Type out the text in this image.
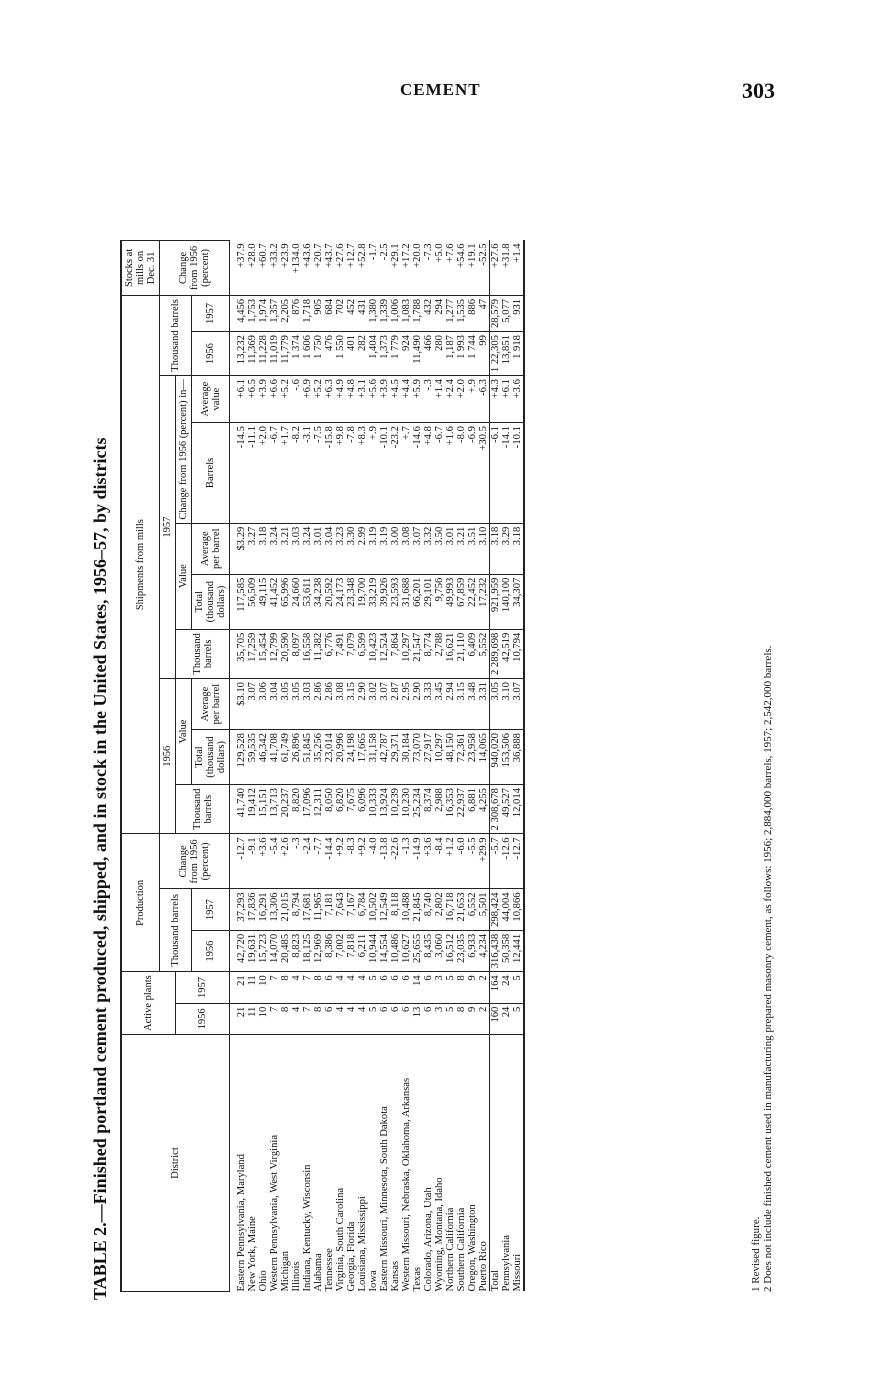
CEMENT	303
TABLE 2.—Finished portland cement produced, shipped, and in stock in the United States, 1956–57, by districts	District	Active plants		Production			Shipments from mills										Stocks at mills on Dec. 31
			Thousand barrels		Change from 1956 (percent)	1956			1957					Thousand barrels		Change from 1956 (percent)
	1956	1957				Thousand barrels	Value		Thousand barrels	Value		Change from 1956 (percent) in—				
			1956	1957			Total (thousand dollars)	Average per barrel		Total (thousand dollars)	Average per barrel	Barrels	Average value	1956	1957	
Eastern Pennsylvania, Maryland	21	21	42,720	37,293	-12.7	41,740	129,528	$3.10	35,705	117,585	$3.29	-14.5	+6.1	13,232	4,456	+37.9
New York, Maine	11	11	19,631	17,836	-9.1	19,412	59,535	3.07	17,259	56,509	3.27	-11.1	+6.5	11,369	1,753	+28.0
Ohio	10	10	15,723	16,291	+3.6	15,151	46,342	3.06	15,454	49,115	3.18	+2.0	+3.9	11,228	1,974	+60.7
Western Pennsylvania, West Virginia	7	7	14,070	13,306	-5.4	13,713	41,708	3.04	12,799	41,452	3.24	-6.7	+6.6	11,019	1,357	+33.2
Michigan	8	8	20,485	21,015	+2.6	20,237	61,749	3.05	20,590	65,996	3.21	+1.7	+5.2	11,779	2,205	+23.9
Illinois	4	4	8,823	8,794	-.3	8,820	26,896	3.05	8,097	24,660	3.03	-8.2	-.6	1 374	876	+134.0
Indiana, Kentucky, Wisconsin	7	7	18,125	17,681	-2.4	17,096	51,845	3.03	16,558	53,611	3.24	-3.1	+6.9	1 606	1,718	+43.6
Alabama	8	8	12,969	11,965	-7.7	12,311	35,256	2.86	11,382	34,238	3.01	-7.5	+5.2	1 750	905	+20.7
Tennessee	6	6	8,386	7,181	-14.4	8,050	23,014	2.86	6,776	20,592	3.04	-15.8	+6.3	476	684	+43.7
Virginia, South Carolina	4	4	7,002	7,643	+9.2	6,820	20,996	3.08	7,491	24,173	3.23	+9.8	+4.9	1 550	702	+27.6
Georgia, Florida	4	4	7,818	7,167	-8.3	7,675	24,198	3.15	7,079	23,348	3.30	-7.8	+4.8	401	452	+12.7
Louisiana, Mississippi	4	4	6,211	6,784	+9.2	6,096	17,665	2.90	6,599	19,700	2.99	+8.3	+3.1	282	431	+52.8
Iowa	5	5	10,944	10,502	-4.0	10,333	31,158	3.02	10,423	33,219	3.19	+.9	+5.6	1,404	1,380	-1.7
Eastern Missouri, Minnesota, South Dakota	6	6	14,554	12,549	-13.8	13,924	42,787	3.07	12,524	39,926	3.19	-10.1	+3.9	1,373	1,339	-2.5
Kansas	6	6	10,486	8,118	-22.6	10,239	29,371	2.87	7,864	23,593	3.00	-23.2	+4.5	1 779	1,006	+29.1
Western Missouri, Nebraska, Oklahoma, Arkansas	6	6	10,627	10,488	-1.3	10,230	30,184	2.95	10,297	31,688	3.08	+.7	+4.4	924	1,083	+17.2
Texas	13	14	25,655	21,845	-14.9	25,234	73,070	2.90	21,547	66,201	3.07	-14.6	+5.9	11,490	1,788	+20.0
Colorado, Arizona, Utah	6	6	8,435	8,740	+3.6	8,374	27,917	3.33	8,774	29,101	3.32	+4.8	-.3	466	432	-7.3
Wyoming, Montana, Idaho	3	3	3,060	2,802	-8.4	2,988	10,297	3.45	2,788	9,756	3.50	-6.7	+1.4	280	294	+5.0
Northern California	5	5	16,512	16,718	+1.2	16,353	48,150	2.94	16,621	49,993	3.01	+1.6	+2.4	1,187	1,277	+7.6
Southern California	8	8	23,035	21,653	-6.0	22,937	72,361	3.15	21,110	67,859	3.21	-8.0	+2.0	1 993	1,535	+54.6
Oregon, Washington	9	9	6,933	6,552	-5.5	6,881	23,958	3.48	6,409	22,452	3.51	-6.9	+.9	1 744	886	+19.1
Puerto Rico	2	2	4,234	5,501	+29.9	4,255	14,065	3.31	5,552	17,232	3.10	+30.5	-6.3	99	47	-52.5
Total	160	164	316,438	298,424	-5.7	2 308,678	940,020	3.05	2 289,698	921,959	3.18	-6.1	+4.3	1 22,305	28,579	+27.6
Pennsylvania	24	24	50,358	44,004	-12.6	49,527	153,506	3.10	42,519	140,100	3.29	-14.1	+6.1	13,851	5,077	+31.8
Missouri	5	5	12,441	10,866	-12.7	12,014	36,888	3.07	10,794	34,307	3.18	-10.1	+3.6	1 918	931	+1.4
1 Revised figure. 2 Does not include finished cement used in manufacturing prepared masonry cement, as follows: 1956; 2,884,000 barrels, 1957; 2,542,000 barrels.
